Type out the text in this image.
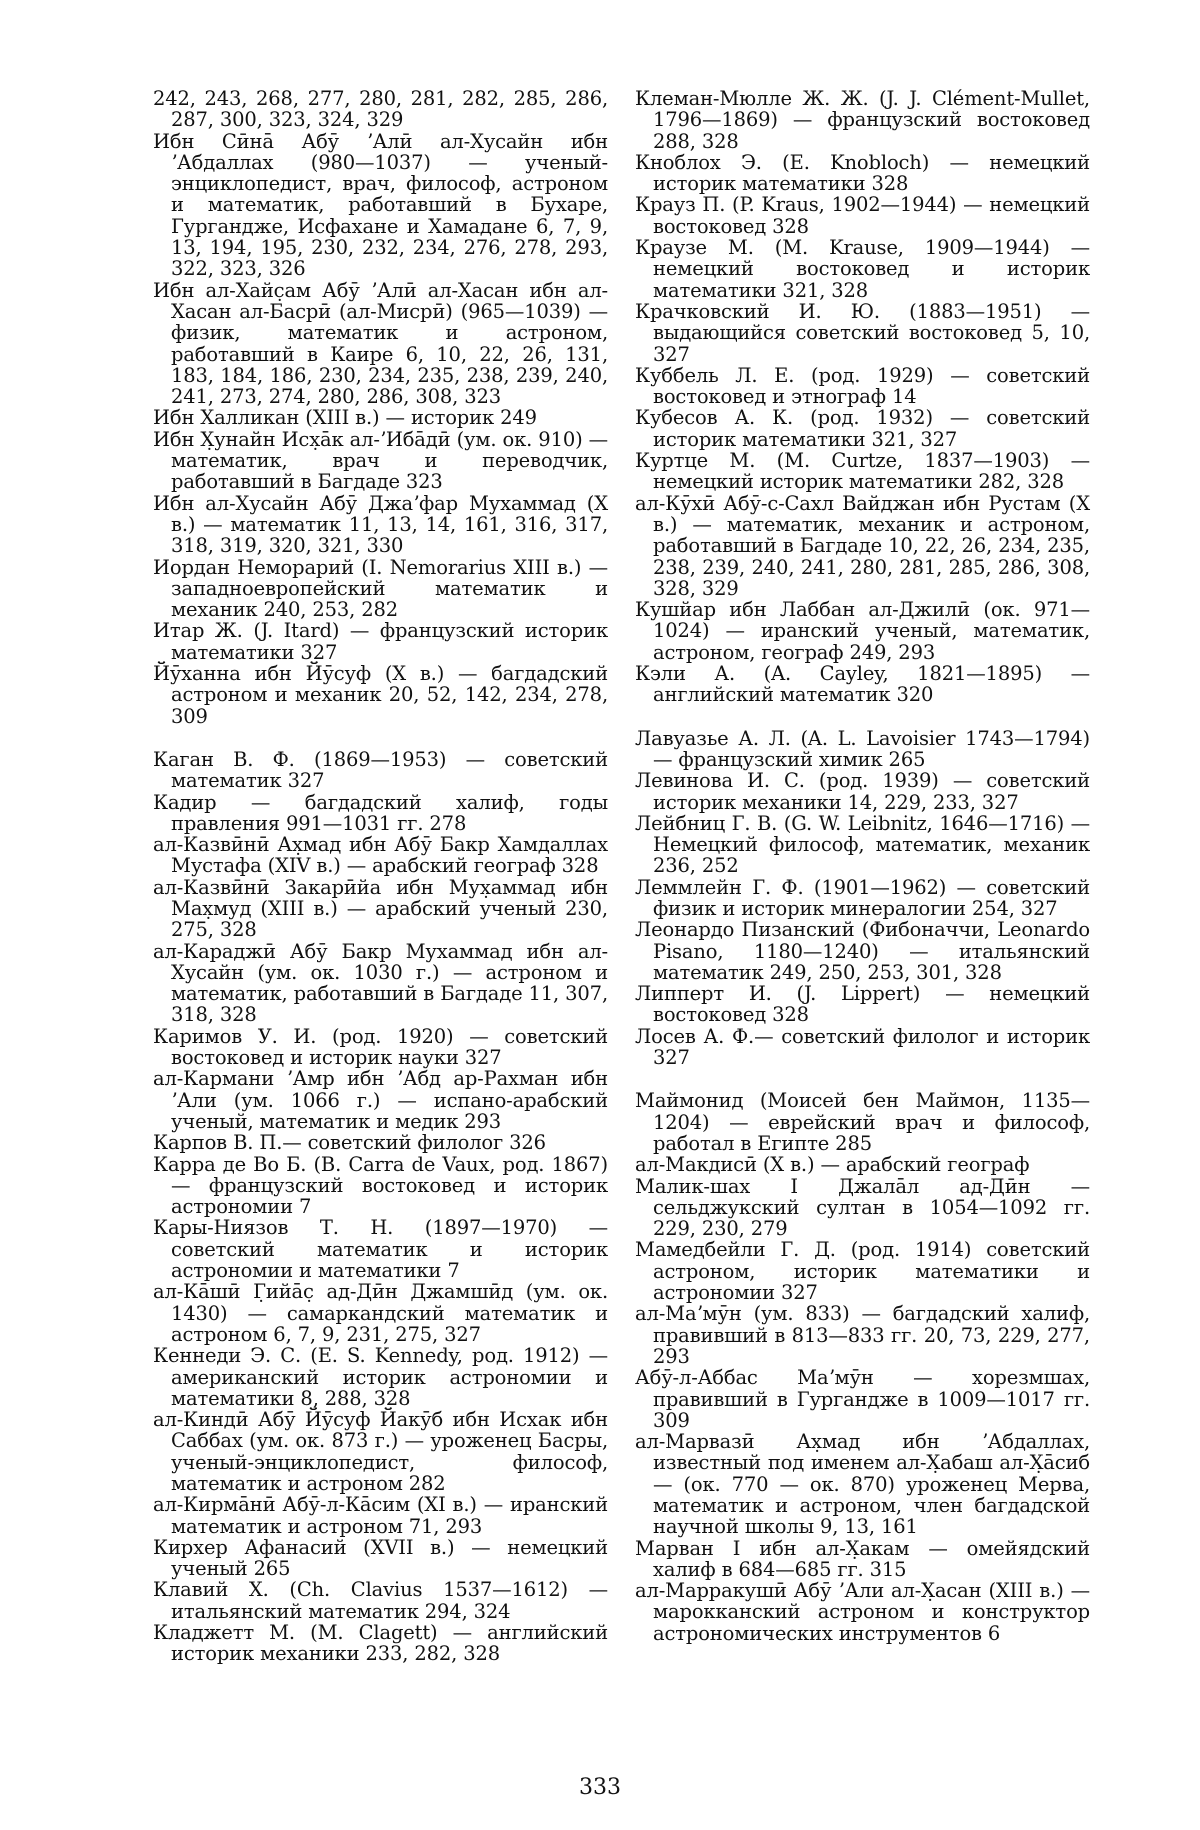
242, 243, 268, 277, 280, 281, 282, 285, 286, 287, 300, 323, 324, 329
Ибн Сӣна̄ Абӯ ʼАлӣ ал-Хусайн ибн ʼАбдаллах (980—1037) — ученый-энциклопедист, врач, философ, астроном и математик, работавший в Бухаре, Гургандже, Исфахане и Хамадане 6, 7, 9, 13, 194, 195, 230, 232, 234, 276, 278, 293, 322, 323, 326
Ибн ал-Хайс̣ам Абӯ ʼАлӣ ал-Хасан ибн ал-Хасан ал-Басрӣ (ал-Мисрӣ) (965—1039) — физик, математик и астроном, работавший в Каире 6, 10, 22, 26, 131, 183, 184, 186, 230, 234, 235, 238, 239, 240, 241, 273, 274, 280, 286, 308, 323
Ибн Халликан (XIII в.) — историк 249
Ибн Х̣унайн Исх̣а̄к ал-ʼИба̄дӣ (ум. ок. 910) — математик, врач и переводчик, работавший в Багдаде 323
Ибн ал-Хусайн Абӯ Джаʼфар Мухаммад (X в.) — математик 11, 13, 14, 161, 316, 317, 318, 319, 320, 321, 330
Иордан Неморарий (I. Nemorarius XIII в.) — западноевропейский математик и механик 240, 253, 282
Итар Ж. (J. Itard) — французский историк математики 327
Йӯханна ибн Йӯсуф (X в.) — багдадский астроном и механик 20, 52, 142, 234, 278, 309
Каган В. Ф. (1869—1953) — советский математик 327
Кадир — багдадский халиф, годы правления 991—1031 гг. 278
ал-Казвӣнӣ Ах̣мад ибн Абӯ Бакр Хамдаллах Мустафа (XIV в.) — арабский географ 328
ал-Казвӣнӣ Закарӣйа ибн Мух̣аммад ибн Мах̣муд (XIII в.) — арабский ученый 230, 275, 328
ал-Караджӣ Абӯ Бакр Мухаммад ибн ал-Хусайн (ум. ок. 1030 г.) — астроном и математик, работавший в Багдаде 11, 307, 318, 328
Каримов У. И. (род. 1920) — советский востоковед и историк науки 327
ал-Кармани ʼАмр ибн ʼАбд ар-Рахман ибн ʼАли (ум. 1066 г.) — испано-арабский ученый, математик и медик 293
Карпов В. П.— советский филолог 326
Карра де Во Б. (B. Carra de Vaux, род. 1867) — французский востоковед и историк астрономии 7
Кары-Ниязов Т. Н. (1897—1970) — советский математик и историк астрономии и математики 7
ал-Ка̄шӣ Г̣ийа̄с̣ ад-Дӣн Джамшӣд (ум. ок. 1430) — самаркандский математик и астроном 6, 7, 9, 231, 275, 327
Кеннеди Э. С. (E. S. Kennedy, род. 1912) — американский историк астрономии и математики 8, 288, 328
ал-Киндӣ Абӯ Йӯсуф Йакӯб ибн Исхак ибн Саббах (ум. ок. 873 г.) — уроженец Басры, ученый-энциклопедист, философ, математик и астроном 282
ал-Кирма̄нӣ Абӯ-л-Ка̄сим (XI в.) — иранский математик и астроном 71, 293
Кирхер Афанасий (XVII в.) — немецкий ученый 265
Клавий Х. (Ch. Clavius 1537—1612) — итальянский математик 294, 324
Кладжетт М. (M. Clagett) — английский историк механики 233, 282, 328
Клеман-Мюлле Ж. Ж. (J. J. Clément-Mullet, 1796—1869) — французский востоковед 288, 328
Кноблох Э. (E. Knobloch) — немецкий историк математики 328
Крауз П. (P. Kraus, 1902—1944) — немецкий востоковед 328
Краузе М. (M. Krause, 1909—1944) — немецкий востоковед и историк математики 321, 328
Крачковский И. Ю. (1883—1951) — выдающийся советский востоковед 5, 10, 327
Куббель Л. Е. (род. 1929) — советский востоковед и этнограф 14
Кубесов А. К. (род. 1932) — советский историк математики 321, 327
Куртце М. (M. Curtze, 1837—1903) — немецкий историк математики 282, 328
ал-Кӯхӣ Абӯ-с-Сахл Вайджан ибн Рустам (X в.) — математик, механик и астроном, работавший в Багдаде 10, 22, 26, 234, 235, 238, 239, 240, 241, 280, 281, 285, 286, 308, 328, 329
Кушйар ибн Лаббан ал-Джилӣ (ок. 971—1024) — иранский ученый, математик, астроном, географ 249, 293
Кэли А. (A. Cayley, 1821—1895) — английский математик 320
Лавуазье А. Л. (A. L. Lavoisier 1743—1794) — французский химик 265
Левинова И. С. (род. 1939) — советский историк механики 14, 229, 233, 327
Лейбниц Г. В. (G. W. Leibnitz, 1646—1716) — Немецкий философ, математик, механик 236, 252
Леммлейн Г. Ф. (1901—1962) — советский физик и историк минералогии 254, 327
Леонардо Пизанский (Фибоначчи, Leonardo Pisano, 1180—1240) — итальянский математик 249, 250, 253, 301, 328
Липперт И. (J. Lippert) — немецкий востоковед 328
Лосев А. Ф.— советский филолог и историк 327
Маймонид (Моисей бен Маймон, 1135—1204) — еврейский врач и философ, работал в Египте 285
ал-Макдисӣ (X в.) — арабский географ
Малик-шах I Джала̄л ад-Дӣн — сельджукский султан в 1054—1092 гг. 229, 230, 279
Мамедбейли Г. Д. (род. 1914) советский астроном, историк математики и астрономии 327
ал-Маʼмӯн (ум. 833) — багдадский халиф, правивший в 813—833 гг. 20, 73, 229, 277, 293
Абӯ-л-Аббас Маʼмӯн — хорезмшах, правивший в Гургандже в 1009—1017 гг. 309
ал-Марвазӣ Ах̣мад ибн ʼАбдаллах, известный под именем ал-Х̣абаш ал-Х̣а̄сиб — (ок. 770 — ок. 870) уроженец Мерва, математик и астроном, член багдадской научной школы 9, 13, 161
Марван I ибн ал-Х̣акам — омейядский халиф в 684—685 гг. 315
ал-Марракушӣ Абӯ ʼАли ал-Х̣асан (XIII в.) — марокканский астроном и конструктор астрономических инструментов 6
333
